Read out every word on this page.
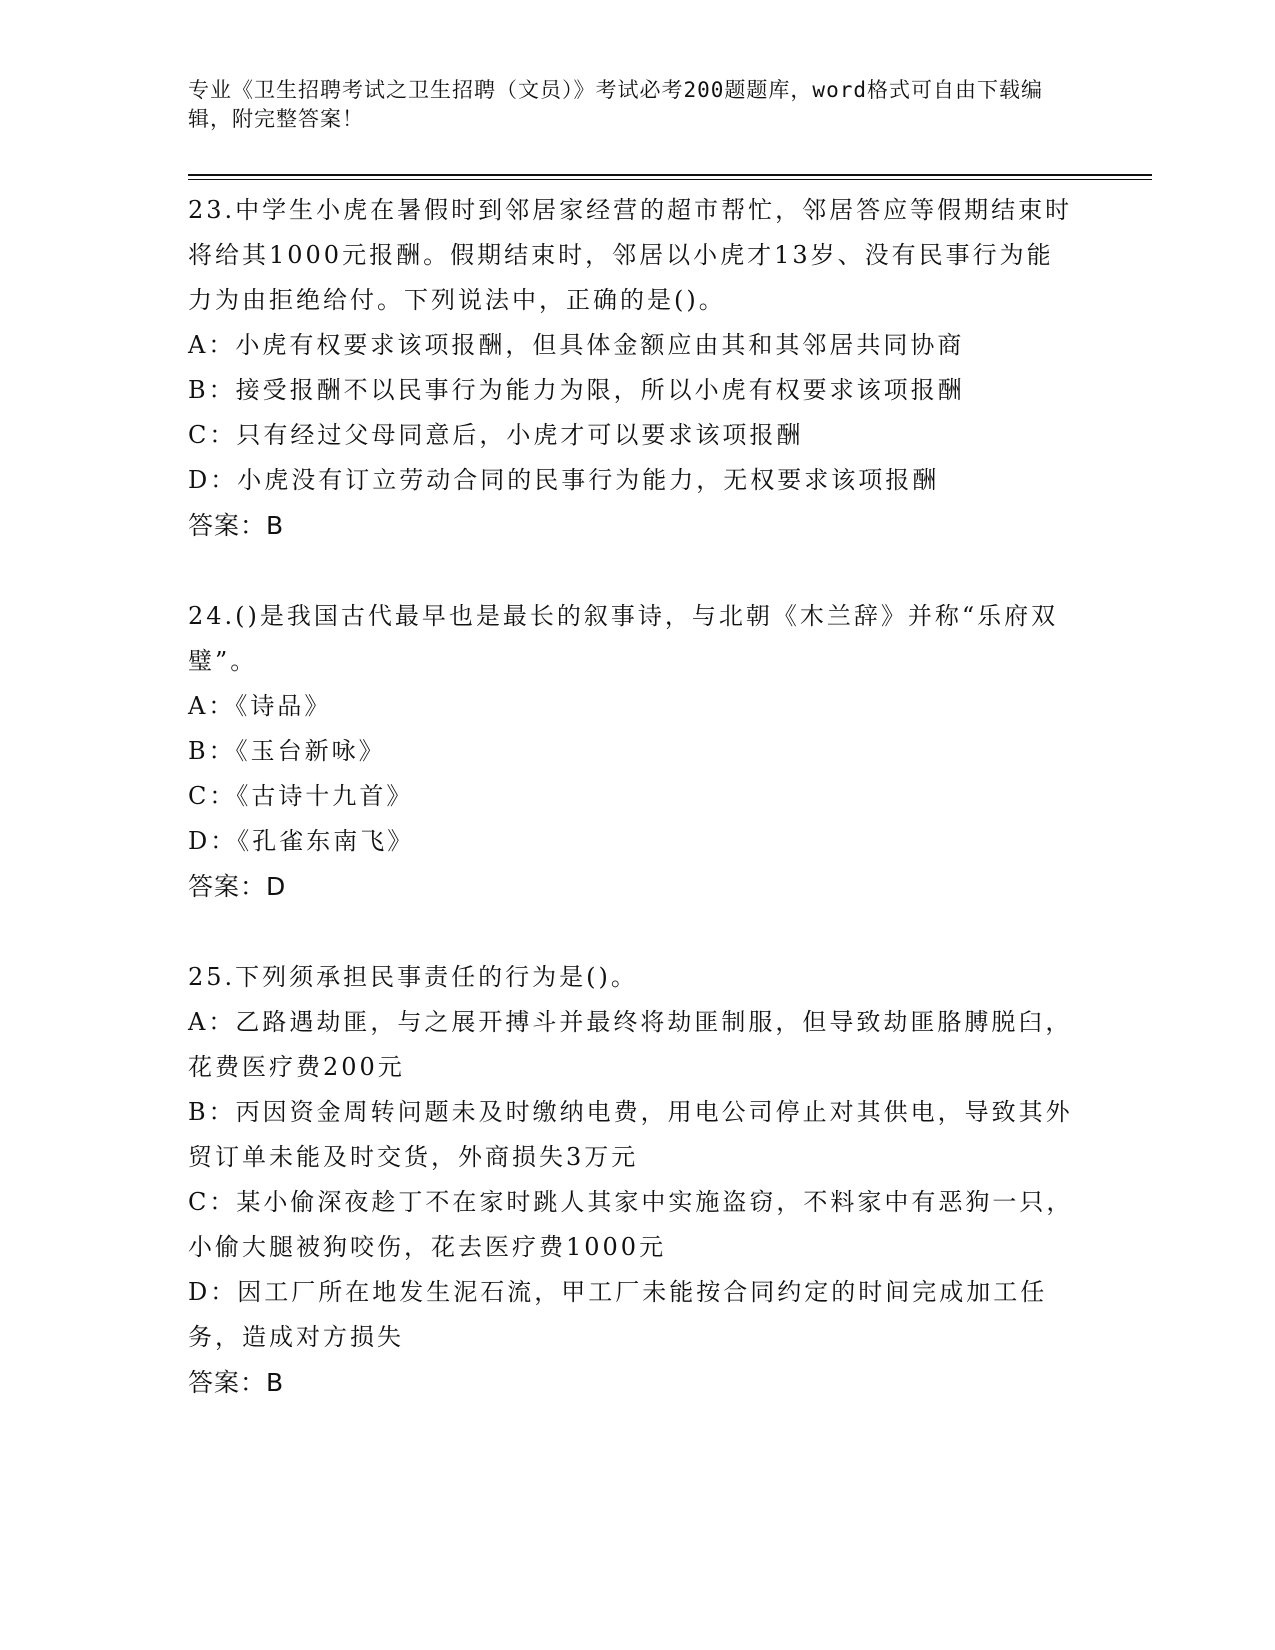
专业《卫生招聘考试之卫生招聘（文员）》考试必考200题题库，word格式可自由下载编辑，附完整答案！

23.中学生小虎在暑假时到邻居家经营的超市帮忙，邻居答应等假期结束时将给其1000元报酬。假期结束时，邻居以小虎才13岁、没有民事行为能力为由拒绝给付。下列说法中，正确的是()。

A：小虎有权要求该项报酬，但具体金额应由其和其邻居共同协商

B：接受报酬不以民事行为能力为限，所以小虎有权要求该项报酬

C：只有经过父母同意后，小虎才可以要求该项报酬

D：小虎没有订立劳动合同的民事行为能力，无权要求该项报酬

答案：B

24.()是我国古代最早也是最长的叙事诗，与北朝《木兰辞》并称“乐府双璧”。

A：《诗品》

B：《玉台新咏》

C：《古诗十九首》

D：《孔雀东南飞》

答案：D

25.下列须承担民事责任的行为是()。

A：乙路遇劫匪，与之展开搏斗并最终将劫匪制服，但导致劫匪胳膊脱臼，花费医疗费200元

B：丙因资金周转问题未及时缴纳电费，用电公司停止对其供电，导致其外贸订单未能及时交货，外商损失3万元

C：某小偷深夜趁丁不在家时跳人其家中实施盗窃，不料家中有恶狗一只，小偷大腿被狗咬伤，花去医疗费1000元

D：因工厂所在地发生泥石流，甲工厂未能按合同约定的时间完成加工任务，造成对方损失

答案：B
